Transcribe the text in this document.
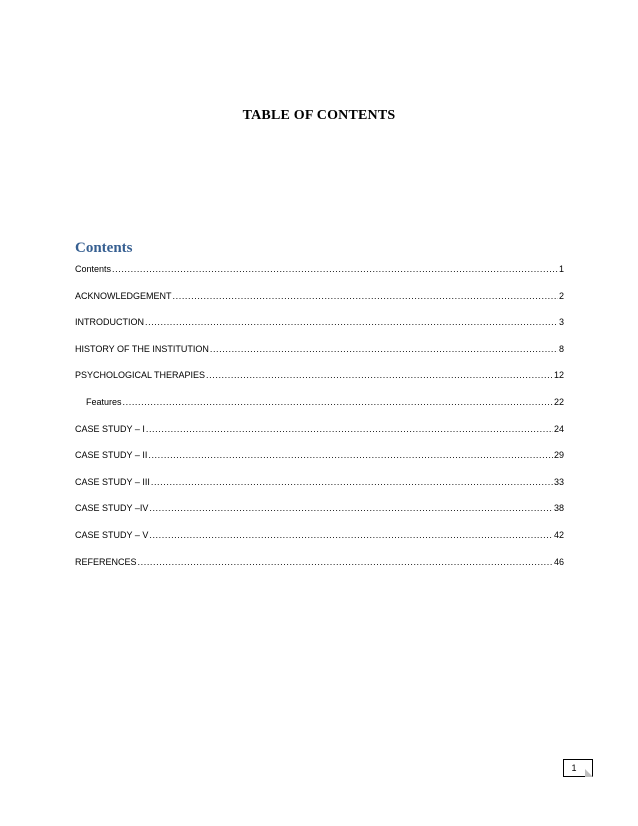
TABLE OF CONTENTS
Contents
Contents .....	1
ACKNOWLEDGEMENT .....	2
INTRODUCTION .....	3
HISTORY OF THE INSTITUTION .....	8
PSYCHOLOGICAL THERAPIES .....	12
Features .....	22
CASE STUDY – I .....	24
CASE STUDY – II .....	29
CASE STUDY – III .....	33
CASE STUDY –IV .....	38
CASE STUDY – V .....	42
REFERENCES .....	46
1
